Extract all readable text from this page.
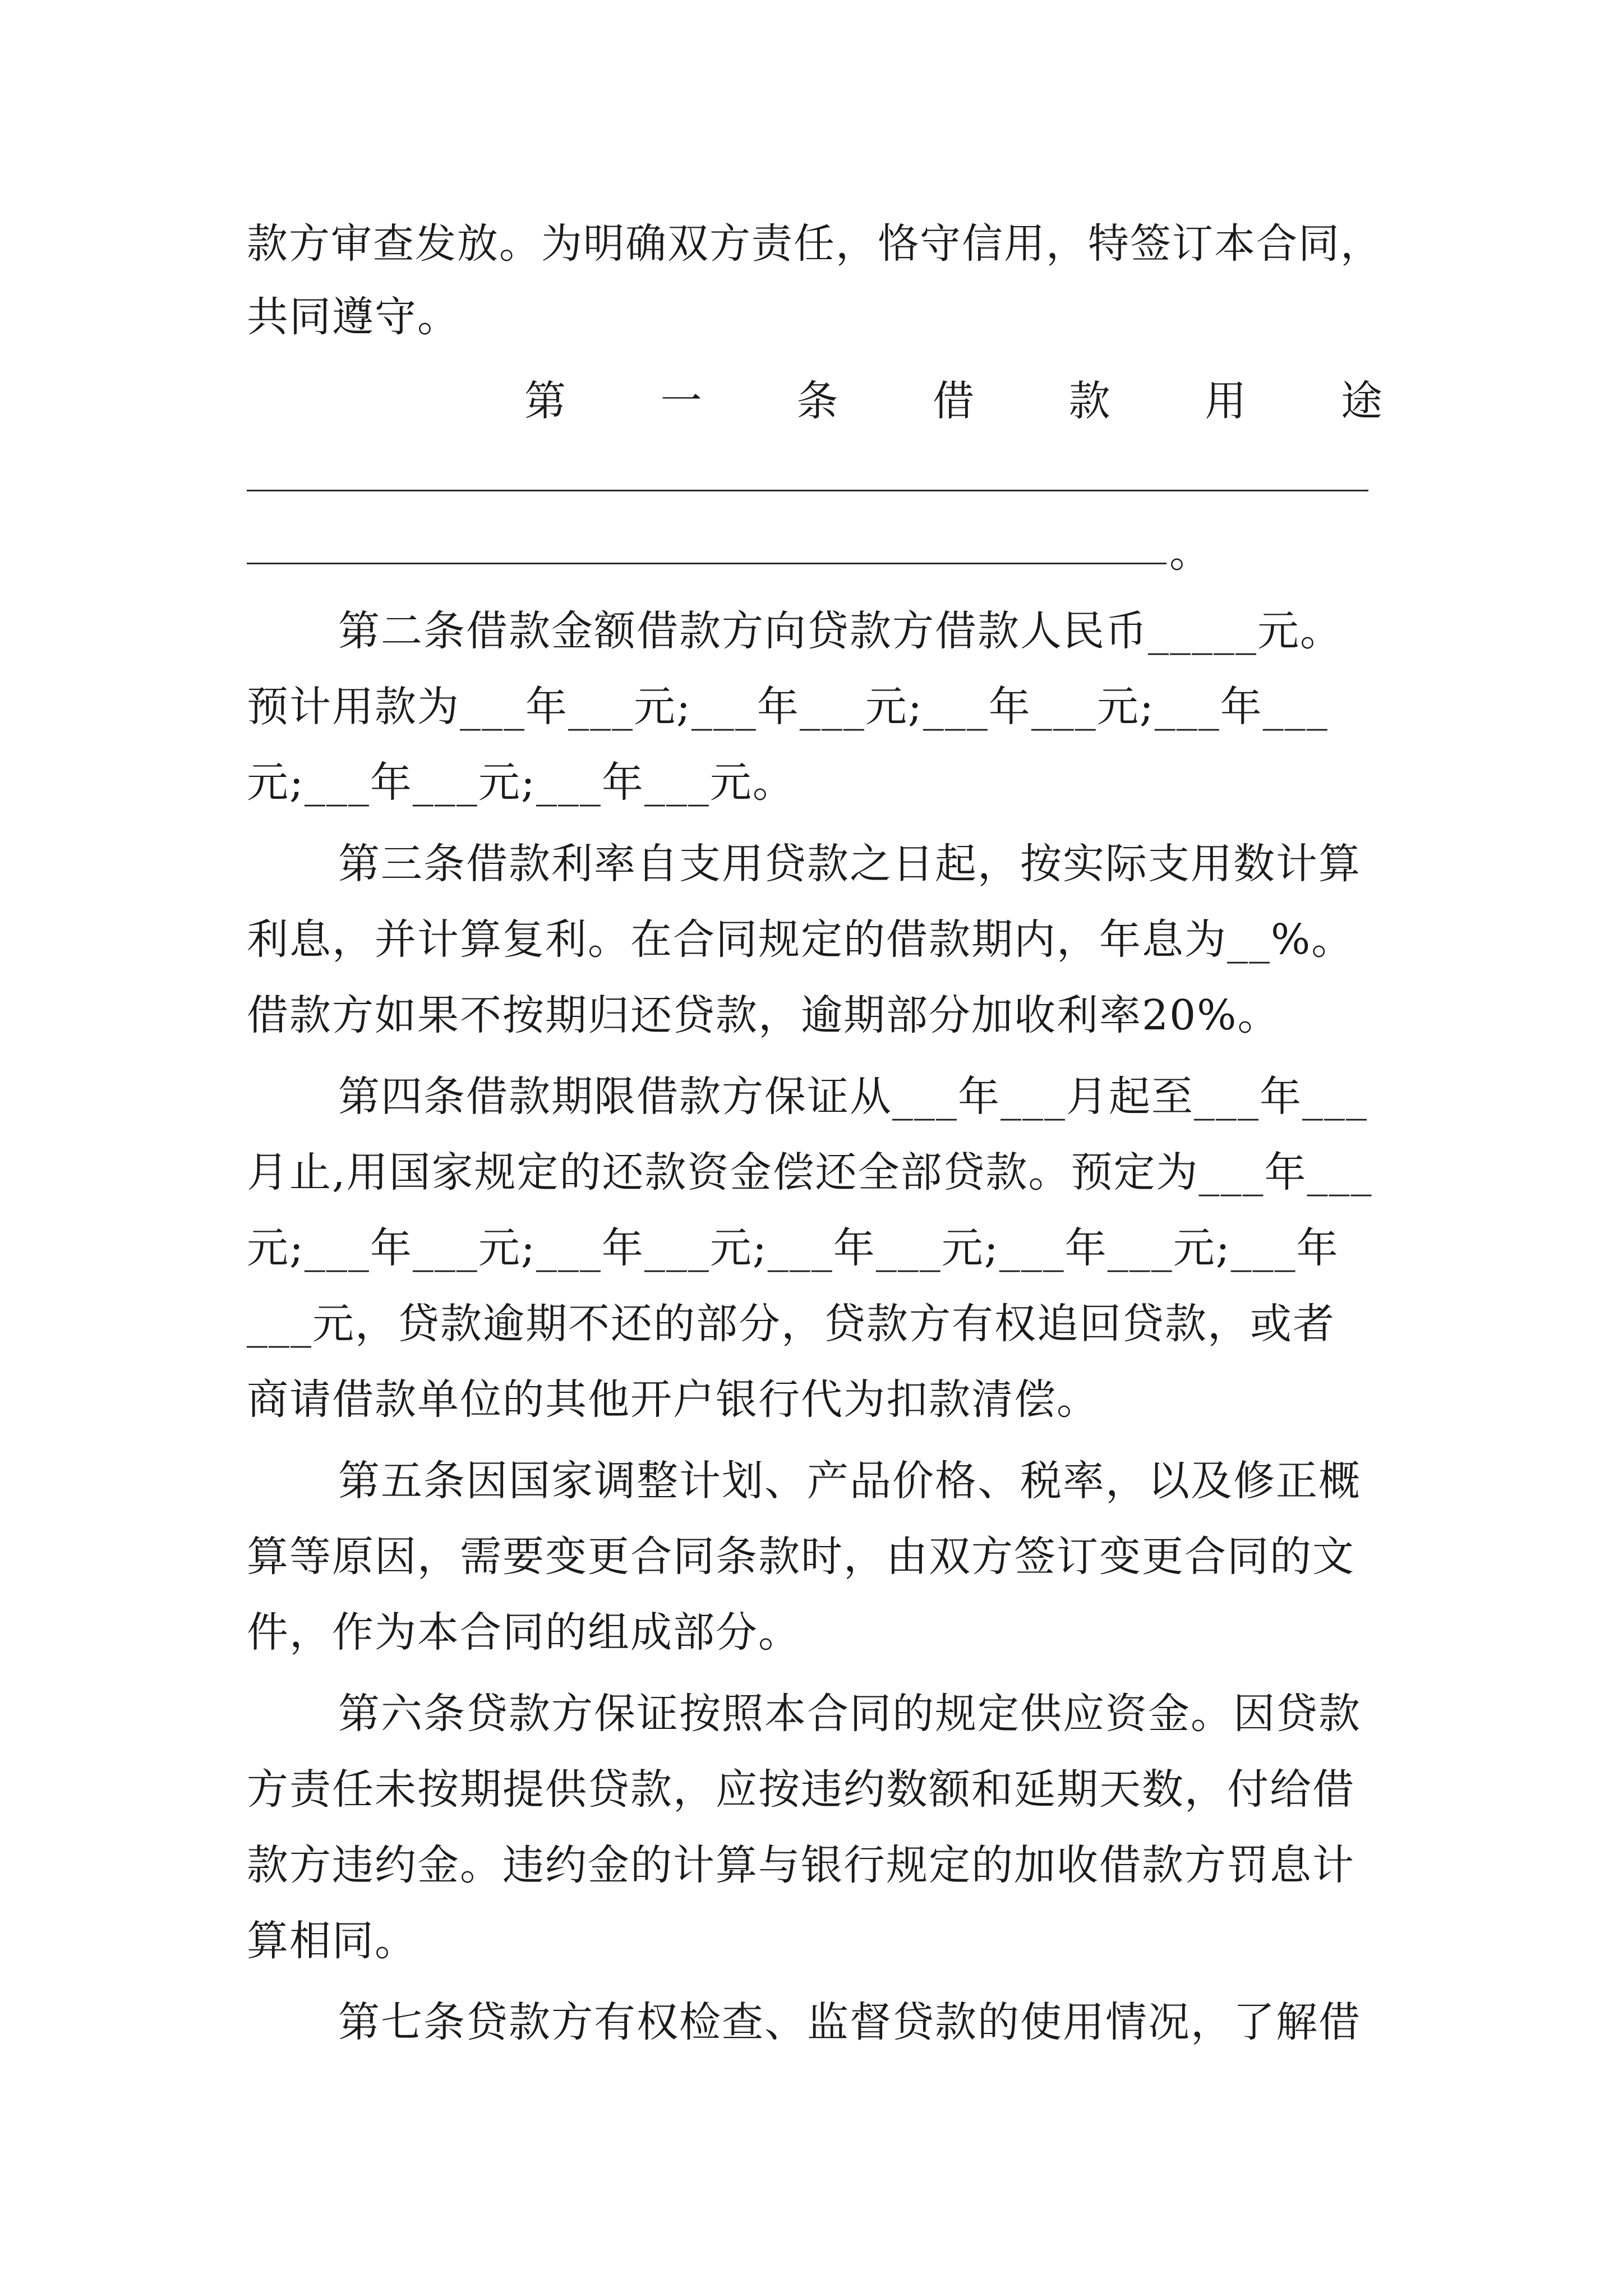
款方审查发放。为明确双方责任，恪守信用，特签订本合同，
共同遵守。
第 一 条 借 款 用 途
。
第二条借款金额借款方向贷款方借款人民币_____元。
预计用款为___年___元;___年___元;___年___元;___年___
元;___年___元;___年___元。
第三条借款利率自支用贷款之日起，按实际支用数计算
利息，并计算复利。在合同规定的借款期内，年息为__%。
借款方如果不按期归还贷款，逾期部分加收利率20%。
第四条借款期限借款方保证从___年___月起至___年___
月止,用国家规定的还款资金偿还全部贷款。预定为___年___
元;___年___元;___年___元;___年___元;___年___元;___年
___元，贷款逾期不还的部分，贷款方有权追回贷款，或者
商请借款单位的其他开户银行代为扣款清偿。
第五条因国家调整计划、产品价格、税率，以及修正概
算等原因，需要变更合同条款时，由双方签订变更合同的文
件，作为本合同的组成部分。
第六条贷款方保证按照本合同的规定供应资金。因贷款
方责任未按期提供贷款，应按违约数额和延期天数，付给借
款方违约金。违约金的计算与银行规定的加收借款方罚息计
算相同。
第七条贷款方有权检查、监督贷款的使用情况，了解借
